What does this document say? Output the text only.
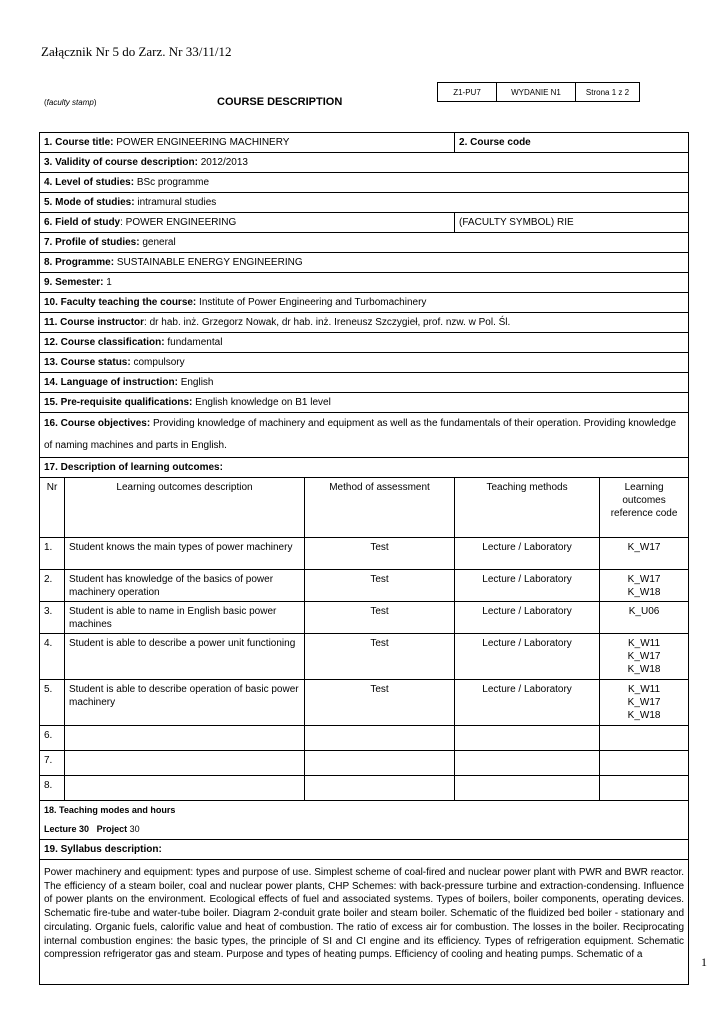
Załącznik Nr 5 do Zarz. Nr 33/11/12
(faculty stamp)	COURSE DESCRIPTION
Z1-PU7	WYDANIE N1	Strona 1 z 2
1. Course title: POWER ENGINEERING MACHINERY			2. Course code	
3. Validity of course description: 2012/2013				
4. Level of studies: BSc programme				
5. Mode of studies: intramural studies				
6. Field of study: POWER ENGINEERING			(FACULTY SYMBOL) RIE	
7. Profile of studies: general				
8. Programme: SUSTAINABLE ENERGY ENGINEERING				
9. Semester: 1				
10. Faculty teaching the course: Institute of Power Engineering and Turbomachinery				
11. Course instructor: dr hab. inż. Grzegorz Nowak, dr hab. inż. Ireneusz Szczygieł, prof. nzw. w Pol. Śl.				
12. Course classification: fundamental				
13. Course status: compulsory				
14. Language of instruction: English				
15. Pre-requisite qualifications: English knowledge on B1 level				
16. Course objectives: Providing knowledge of machinery and equipment as well as the fundamentals of their operation. Providing knowledge of naming machines and parts in English.				
17. Description of learning outcomes:				
Nr	Learning outcomes description	Method of assessment	Teaching methods	Learning outcomes reference code
1.	Student knows the main types of power machinery	Test	Lecture / Laboratory	K_W17
2.	Student has knowledge of the basics of power machinery operation	Test	Lecture / Laboratory	K_W17
K_W18
3.	Student is able to name in English basic power machines	Test	Lecture / Laboratory	K_U06
4.	Student is able to describe a power unit functioning	Test	Lecture / Laboratory	K_W11
K_W17
K_W18
5.	Student is able to describe operation of basic power machinery	Test	Lecture / Laboratory	K_W11
K_W17
K_W18
6.				
7.				
8.				
18. Teaching modes and hours
Lecture 30 Project 30				
19. Syllabus description:				
Power machinery and equipment: types and purpose of use. Simplest scheme of coal-fired and nuclear power plant with PWR and BWR reactor. The efficiency of a steam boiler, coal and nuclear power plants, CHP Schemes: with back-pressure turbine and extraction-condensing. Influence of power plants on the environment. Ecological effects of fuel and associated systems. Types of boilers, boiler components, operating devices. Schematic fire-tube and water-tube boiler. Diagram 2-conduit grate boiler and steam boiler. Schematic of the fluidized bed boiler - stationary and circulating. Organic fuels, calorific value and heat of combustion. The ratio of excess air for combustion. The losses in the boiler. Reciprocating internal combustion engines: the basic types, the principle of SI and CI engine and its efficiency. Types of refrigeration equipment. Schematic compression refrigerator gas and steam. Purpose and types of heating pumps. Efficiency of cooling and heating pumps. Schematic of a				
1
